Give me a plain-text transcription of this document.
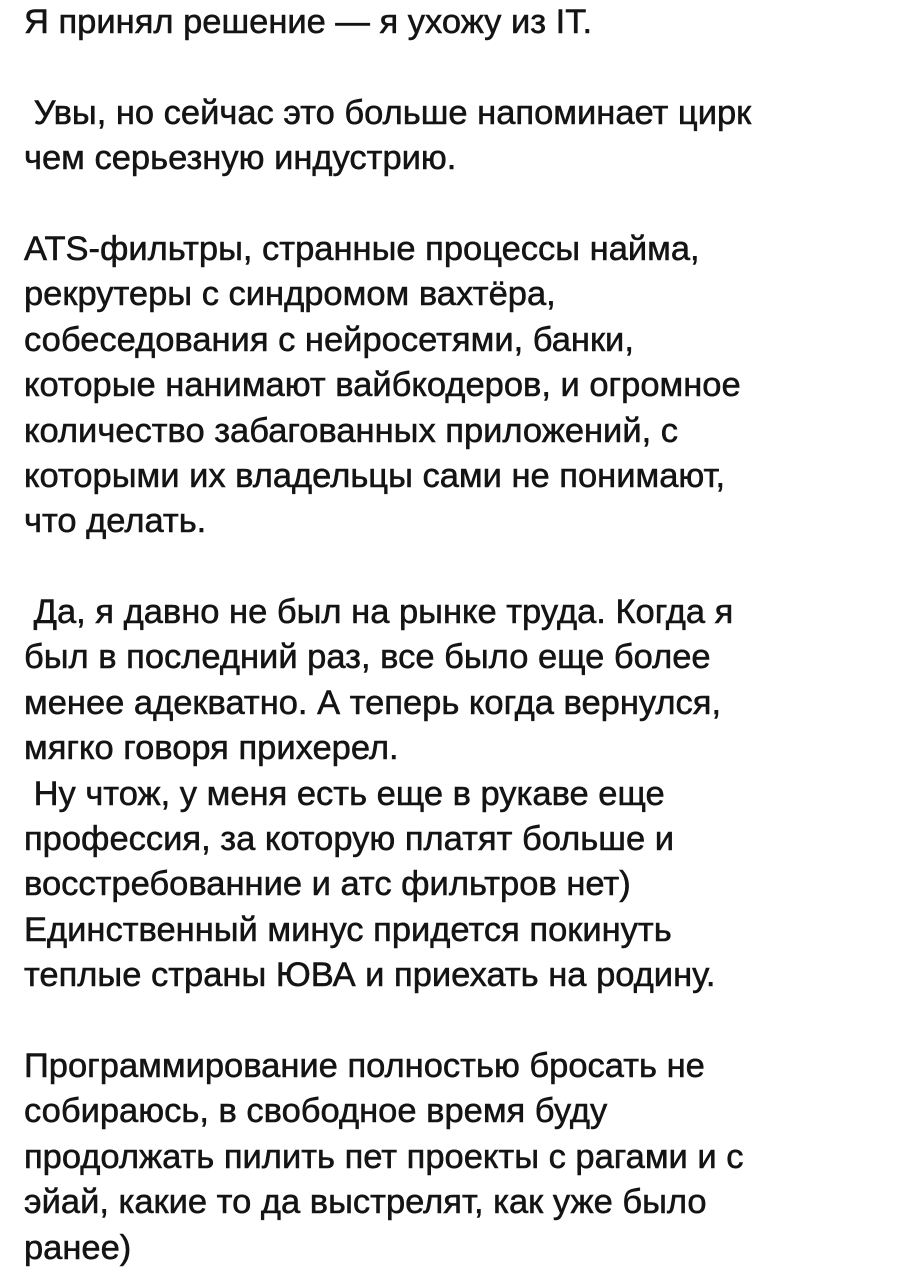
Я принял решение — я ухожу из IT.
Увы, но сейчас это больше напоминает цирк
чем серьезную индустрию.
ATS-фильтры, странные процессы найма,
рекрутеры с синдромом вахтёра,
собеседования с нейросетями, банки,
которые нанимают вайбкодеров, и огромное
количество забагованных приложений, с
которыми их владельцы сами не понимают,
что делать.
Да, я давно не был на рынке труда. Когда я
был в последний раз, все было еще более
менее адекватно. А теперь когда вернулся,
мягко говоря прихерел.
Ну чтож, у меня есть еще в рукаве еще
профессия, за которую платят больше и
восстребованние и атс фильтров нет)
Единственный минус придется покинуть
теплые страны ЮВА и приехать на родину.
Программирование полностью бросать не
собираюсь, в свободное время буду
продолжать пилить пет проекты с рагами и с
эйай, какие то да выстрелят, как уже было
ранее)
